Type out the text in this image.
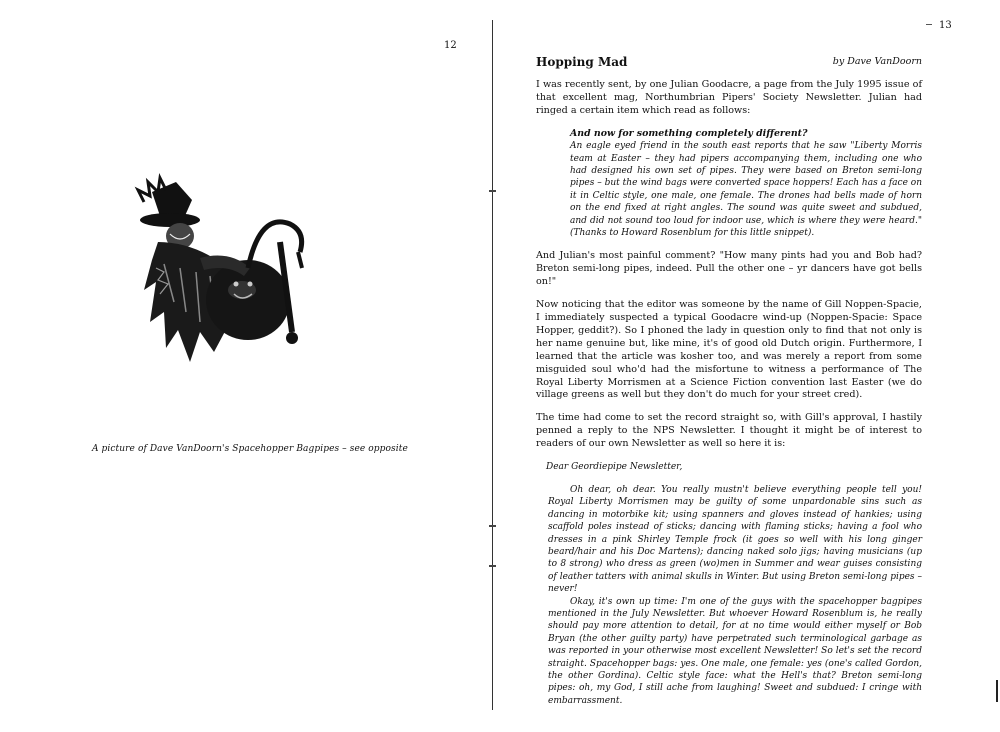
12
A picture of Dave VanDoorn's Spacehopper Bagpipes – see opposite
13
Hopping Mad	by Dave VanDoorn

I was recently sent, by one Julian Goodacre, a page from the July 1995 issue of that excellent mag, Northumbrian Pipers' Society Newsletter. Julian had ringed a certain item which read as follows:

And now for something completely different?
An eagle eyed friend in the south east reports that he saw "Liberty Morris team at Easter – they had pipers accompanying them, including one who had designed his own set of pipes. They were based on Breton semi-long pipes – but the wind bags were converted space hoppers! Each has a face on it in Celtic style, one male, one female. The drones had bells made of horn on the end fixed at right angles. The sound was quite sweet and subdued, and did not sound too loud for indoor use, which is where they were heard." (Thanks to Howard Rosenblum for this little snippet).

And Julian's most painful comment? "How many pints had you and Bob had? Breton semi-long pipes, indeed. Pull the other one – yr dancers have got bells on!"

Now noticing that the editor was someone by the name of Gill Noppen-Spacie, I immediately suspected a typical Goodacre wind-up (Noppen-Spacie: Space Hopper, geddit?). So I phoned the lady in question only to find that not only is her name genuine but, like mine, it's of good old Dutch origin. Furthermore, I learned that the article was kosher too, and was merely a report from some misguided soul who'd had the misfortune to witness a performance of The Royal Liberty Morrismen at a Science Fiction convention last Easter (we do village greens as well but they don't do much for your street cred).

The time had come to set the record straight so, with Gill's approval, I hastily penned a reply to the NPS Newsletter. I thought it might be of interest to readers of our own Newsletter as well so here it is:

Dear Geordiepipe Newsletter,

Oh dear, oh dear. You really mustn't believe everything people tell you! Royal Liberty Morrismen may be guilty of some unpardonable sins such as dancing in motorbike kit; using spanners and gloves instead of hankies; using scaffold poles instead of sticks; dancing with flaming sticks; having a fool who dresses in a pink Shirley Temple frock (it goes so well with his long ginger beard/hair and his Doc Martens); dancing naked solo jigs; having musicians (up to 8 strong) who dress as green (wo)men in Summer and wear guises consisting of leather tatters with animal skulls in Winter. But using Breton semi-long pipes – never!
Okay, it's own up time: I'm one of the guys with the spacehopper bagpipes mentioned in the July Newsletter. But whoever Howard Rosenblum is, he really should pay more attention to detail, for at no time would either myself or Bob Bryan (the other guilty party) have perpetrated such terminological garbage as was reported in your otherwise most excellent Newsletter! So let's set the record straight. Spacehopper bags: yes. One male, one female: yes (one's called Gordon, the other Gordina). Celtic style face: what the Hell's that? Breton semi-long pipes: oh, my God, I still ache from laughing! Sweet and subdued: I cringe with embarrassment.
